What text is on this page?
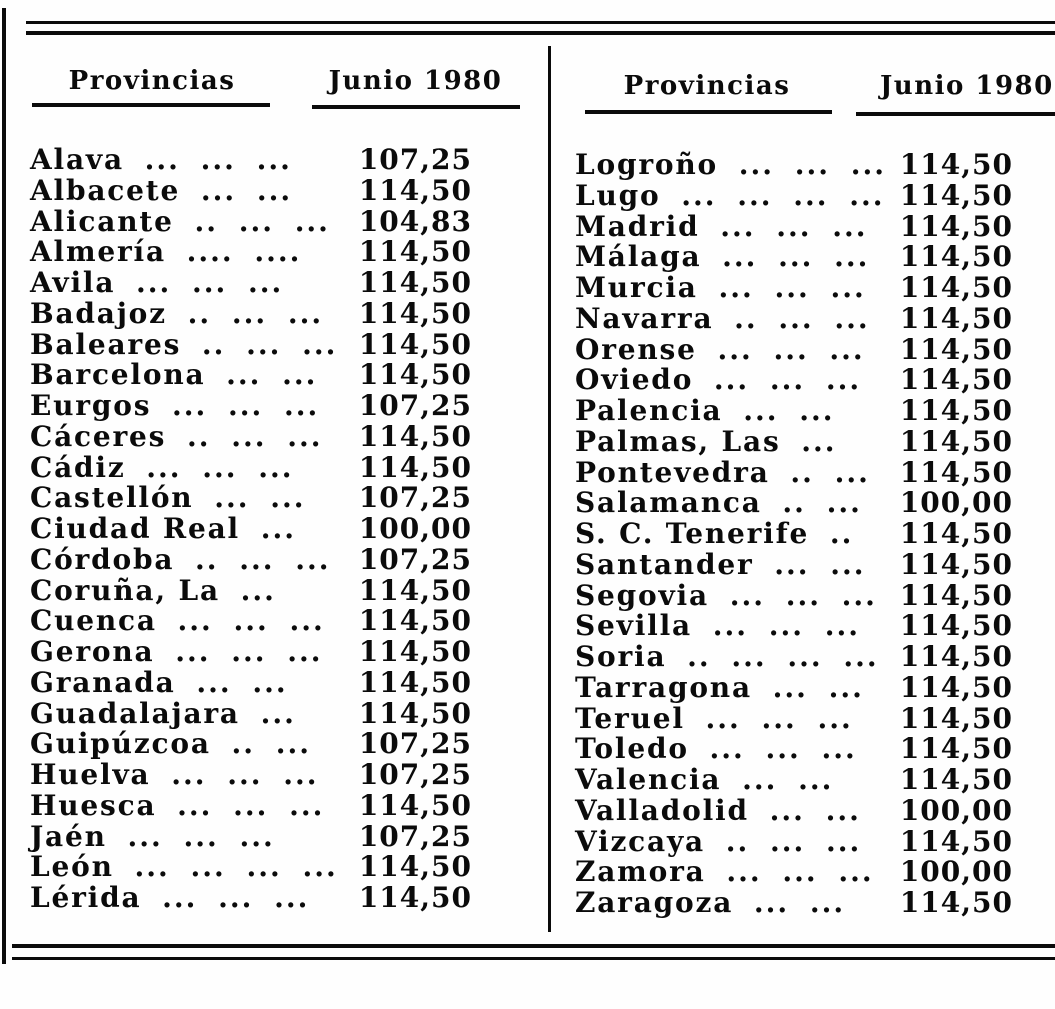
Provincias	Junio 1980
Alava ... ... ... 107,25
Albacete ... ... 114,50
Alicante .. ... ... 104,83
Almería .... .... 114,50
Avila ... ... ...	114,50
Badajoz .. ... ... 114,50
Baleares .. ... ... 114,50
Barcelona ... ... 114,50
Eurgos ... ... ... 107,25
Cáceres .. ... ... 114,50
Cádiz ... ... ... 114,50
Castellón ... ... 107,25
Ciudad Real ... 100,00
Córdoba .. ... ... 107,25
Coruña, La ...	114,50
Cuenca ... ... ... 114,50
Gerona ... ... ... 114,50
Granada ... ...	114,50
Guadalajara ... 114,50
Guipúzcoa .. ... 107,25
Huelva ... ... ... 107,25
Huesca ... ... ... 114,50
Jaén ... ... ...	107,25
León ... ... ... ... 114,50
Lérida ... ... ... 114,50
Provincias	Junio 1980
Logroño ... ... ... 114,50
Lugo ... ... ... ... 114,50
Madrid ... ... ... 114,50
Málaga ... ... ... 114,50
Murcia ... ... ... 114,50
Navarra .. ... ... 114,50
Orense ... ... ... 114,50
Oviedo ... ... ... 114,50
Palencia ... ... 114,50
Palmas, Las ... 114,50
Pontevedra .. ... 114,50
Salamanca .. ... 100,00
S. C. Tenerife .. 114,50
Santander ... ... 114,50
Segovia ... ... ... 114,50
Sevilla ... ... ... 114,50
Soria .. ... ... ... 114,50
Tarragona ... ... 114,50
Teruel ... ... ... 114,50
Toledo ... ... ... 114,50
Valencia ... ... 114,50
Valladolid ... ... 100,00
Vizcaya .. ... ... 114,50
Zamora ... ... ... 100,00
Zaragoza ... ... 114,50
